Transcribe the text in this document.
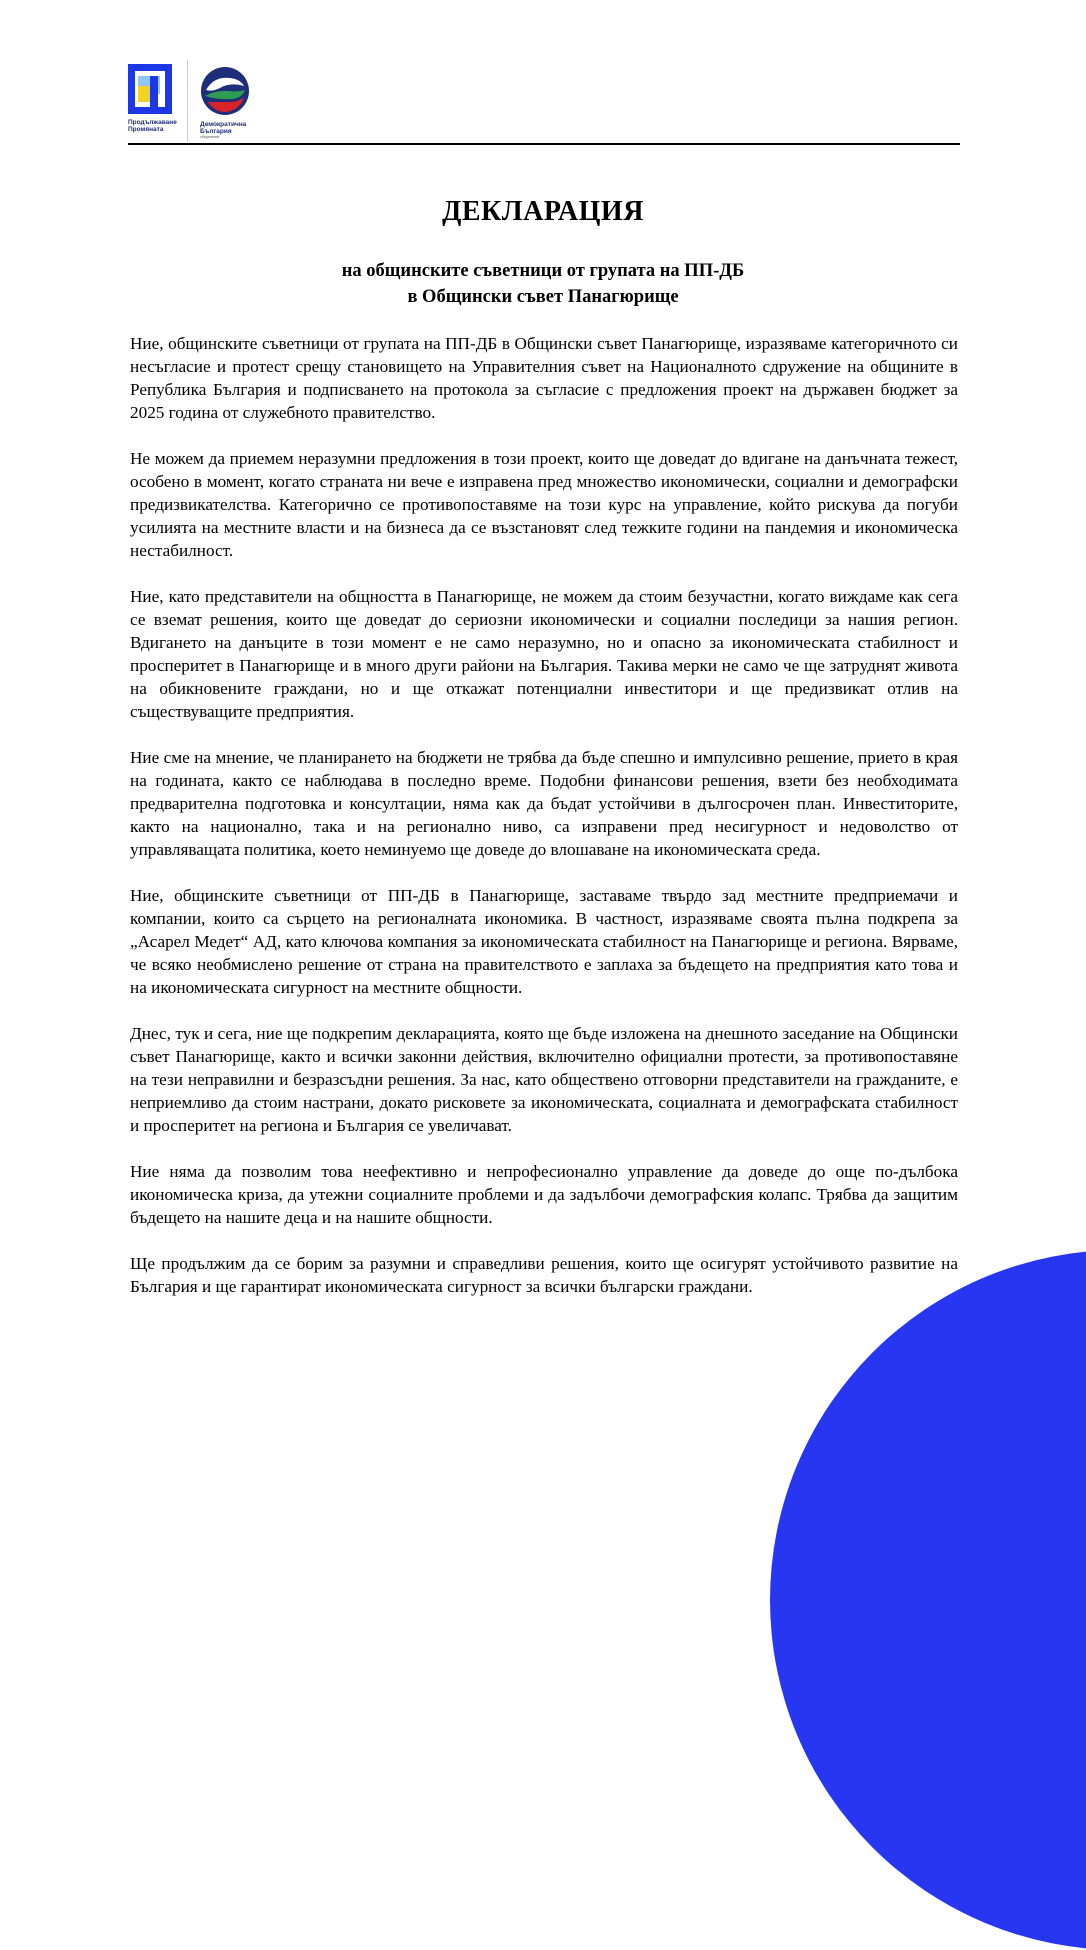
Продължаване
Промяната
Демократична
България
обединение
ДЕКЛАРАЦИЯ
на общинските съветници от групата на ПП-ДБ
в Общински съвет Панагюрище

Ние, общинските съветници от групата на ПП-ДБ в Общински съвет Панагюрище, изразяваме категоричното си несъгласие и протест срещу становището на Управителния съвет на Националното сдружение на общините в Република България и подписването на протокола за съгласие с предложения проект на държавен бюджет за 2025 година от служебното правителство.

Не можем да приемем неразумни предложения в този проект, които ще доведат до вдигане на данъчната тежест, особено в момент, когато страната ни вече е изправена пред множество икономически, социални и демографски предизвикателства. Категорично се противопоставяме на този курс на управление, който рискува да погуби усилията на местните власти и на бизнеса да се възстановят след тежките години на пандемия и икономическа нестабилност.

Ние, като представители на общността в Панагюрище, не можем да стоим безучастни, когато виждаме как сега се вземат решения, които ще доведат до сериозни икономически и социални последици за нашия регион. Вдигането на данъците в този момент е не само неразумно, но и опасно за икономическата стабилност и просперитет в Панагюрище и в много други райони на България. Такива мерки не само че ще затруднят живота на обикновените граждани, но и ще откажат потенциални инвеститори и ще предизвикат отлив на съществуващите предприятия.

Ние сме на мнение, че планирането на бюджети не трябва да бъде спешно и импулсивно решение, прието в края на годината, както се наблюдава в последно време. Подобни финансови решения, взети без необходимата предварителна подготовка и консултации, няма как да бъдат устойчиви в дългосрочен план. Инвеститорите, както на национално, така и на регионално ниво, са изправени пред несигурност и недоволство от управляващата политика, което неминуемо ще доведе до влошаване на икономическата среда.

Ние, общинските съветници от ПП-ДБ в Панагюрище, заставаме твърдо зад местните предприемачи и компании, които са сърцето на регионалната икономика. В частност, изразяваме своята пълна подкрепа за „Асарел Медет“ АД, като ключова компания за икономическата стабилност на Панагюрище и региона. Вярваме, че всяко необмислено решение от страна на правителството е заплаха за бъдещето на предприятия като това и на икономическата сигурност на местните общности.

Днес, тук и сега, ние ще подкрепим декларацията, която ще бъде изложена на днешното заседание на Общински съвет Панагюрище, както и всички законни действия, включително официални протести, за противопоставяне на тези неправилни и безразсъдни решения. За нас, като обществено отговорни представители на гражданите, е неприемливо да стоим настрани, докато рисковете за икономическата, социалната и демографската стабилност и просперитет на региона и България се увеличават.

Ние няма да позволим това неефективно и непрофесионално управление да доведе до още по-дълбока икономическа криза, да утежни социалните проблеми и да задълбочи демографския колапс. Трябва да защитим бъдещето на нашите деца и на нашите общности.

Ще продължим да се борим за разумни и справедливи решения, които ще осигурят устойчивото развитие на България и ще гарантират икономическата сигурност за всички български граждани.
